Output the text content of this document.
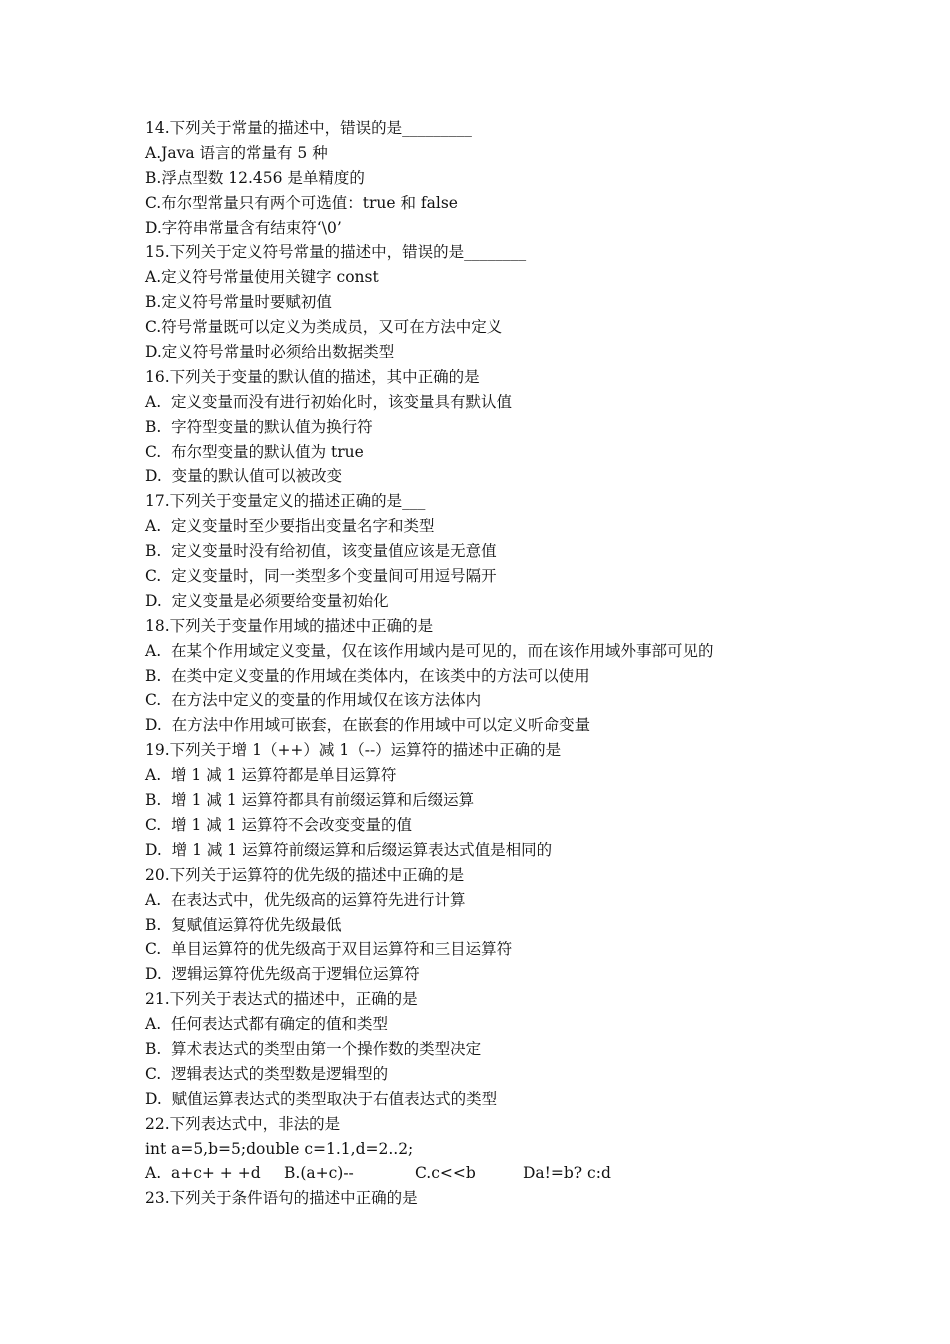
14.下列关于常量的描述中，错误的是_________
A.Java 语言的常量有 5 种
B.浮点型数 12.456 是单精度的
C.布尔型常量只有两个可选值：true 和 false
D.字符串常量含有结束符‘\0’
15.下列关于定义符号常量的描述中，错误的是________
A.定义符号常量使用关键字 const
B.定义符号常量时要赋初值
C.符号常量既可以定义为类成员，又可在方法中定义
D.定义符号常量时必须给出数据类型
16.下列关于变量的默认值的描述，其中正确的是
A.  定义变量而没有进行初始化时，该变量具有默认值
B.  字符型变量的默认值为换行符
C.  布尔型变量的默认值为 true
D.  变量的默认值可以被改变
17.下列关于变量定义的描述正确的是___
A.  定义变量时至少要指出变量名字和类型
B.  定义变量时没有给初值，该变量值应该是无意值
C.  定义变量时，同一类型多个变量间可用逗号隔开
D.  定义变量是必须要给变量初始化
18.下列关于变量作用域的描述中正确的是
A.  在某个作用域定义变量，仅在该作用域内是可见的，而在该作用域外事部可见的
B.  在类中定义变量的作用域在类体内，在该类中的方法可以使用
C.  在方法中定义的变量的作用域仅在该方法体内
D.  在方法中作用域可嵌套，在嵌套的作用域中可以定义听命变量
19.下列关于增 1（++）减 1（--）运算符的描述中正确的是
A.  增 1 减 1 运算符都是单目运算符
B.  增 1 减 1 运算符都具有前缀运算和后缀运算
C.  增 1 减 1 运算符不会改变变量的值
D.  增 1 减 1 运算符前缀运算和后缀运算表达式值是相同的
20.下列关于运算符的优先级的描述中正确的是
A.  在表达式中，优先级高的运算符先进行计算
B.  复赋值运算符优先级最低
C.  单目运算符的优先级高于双目运算符和三目运算符
D.  逻辑运算符优先级高于逻辑位运算符
21.下列关于表达式的描述中，正确的是
A.  任何表达式都有确定的值和类型
B.  算术表达式的类型由第一个操作数的类型决定
C.  逻辑表达式的类型数是逻辑型的
D.  赋值运算表达式的类型取决于右值表达式的类型
22.下列表达式中，非法的是
int a=5,b=5;double c=1.1,d=2..2;

A.  a+c+ + +d

B.(a+c)--

	C.c<<b

	Da!=b? c:d

23.下列关于条件语句的描述中正确的是
